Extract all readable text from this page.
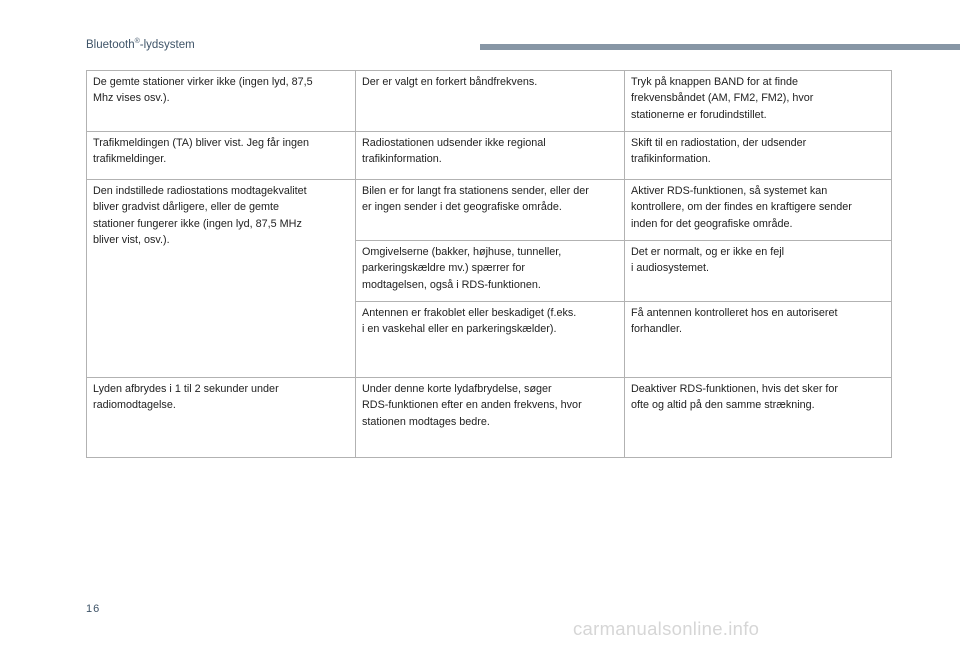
Bluetooth®-lydsystem
De gemte stationer virker ikke (ingen lyd, 87,5
Mhz vises osv.).	Der er valgt en forkert båndfrekvens.	Tryk på knappen BAND for at finde
frekvensbåndet (AM, FM2, FM2), hvor
stationerne er forudindstillet.
Trafikmeldingen (TA) bliver vist. Jeg får ingen
trafikmeldinger.	Radiostationen udsender ikke regional
trafikinformation.	Skift til en radiostation, der udsender
trafikinformation.
Den indstillede radiostations modtagekvalitet
bliver gradvist dårligere, eller de gemte
stationer fungerer ikke (ingen lyd, 87,5 MHz
bliver vist, osv.).	Bilen er for langt fra stationens sender, eller der
er ingen sender i det geografiske område.	Aktiver RDS-funktionen, så systemet kan
kontrollere, om der findes en kraftigere sender
inden for det geografiske område.
	Omgivelserne (bakker, højhuse, tunneller,
parkeringskældre mv.) spærrer for
modtagelsen, også i RDS-funktionen.	Det er normalt, og er ikke en fejl
i audiosystemet.
	Antennen er frakoblet eller beskadiget (f.eks.
i en vaskehal eller en parkeringskælder).	Få antennen kontrolleret hos en autoriseret
forhandler.
Lyden afbrydes i 1 til 2 sekunder under
radiomodtagelse.	Under denne korte lydafbrydelse, søger
RDS-funktionen efter en anden frekvens, hvor
stationen modtages bedre.	Deaktiver RDS-funktionen, hvis det sker for
ofte og altid på den samme strækning.
16
carmanualsonline.info
